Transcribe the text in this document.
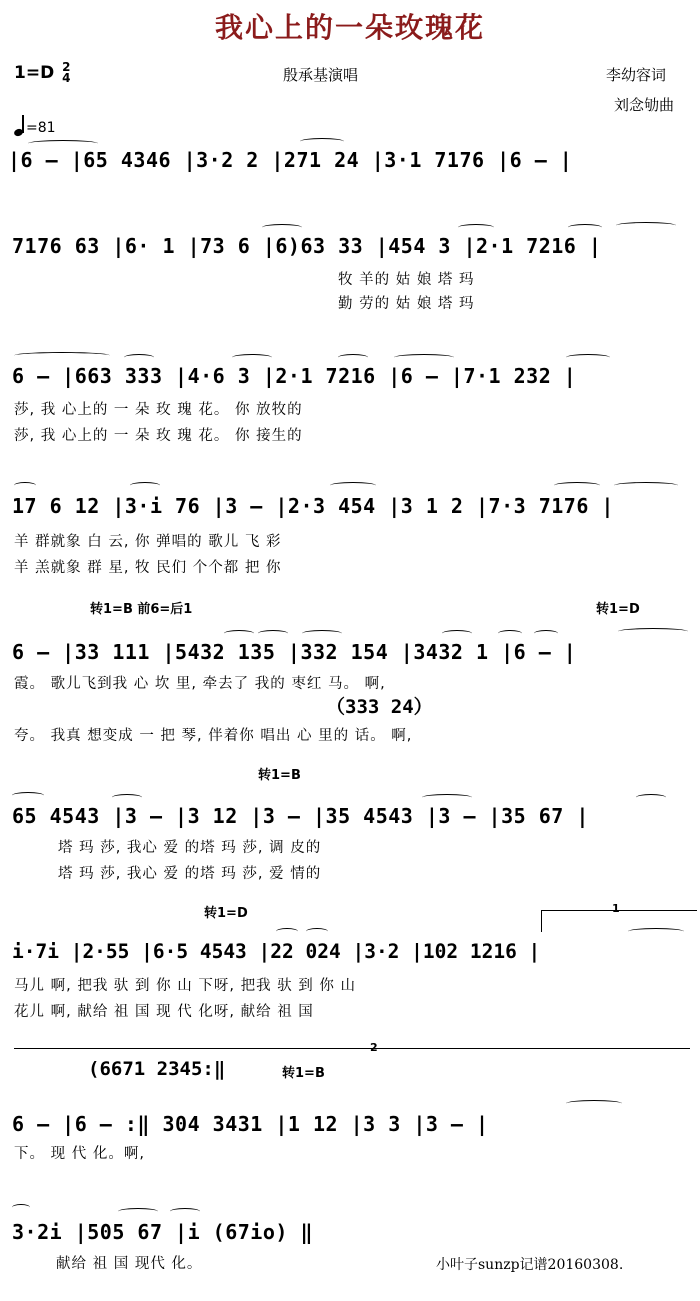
我心上的一朵玫瑰花
1=D 2
4	殷承基演唱	李幼容词
刘念劬曲
=81
|6 – |65 4346 |3·2 2 |271 24 |3·1 7176 |6 – |
7176 63 |6· 1 |73 6 |6)63 33 |454 3 |2·1 7216 |
牧 羊的 姑 娘 塔 玛
勤 劳的 姑 娘 塔 玛
6 – |663 333 |4·6 3 |2·1 7216 |6 – |7·1 232 |
莎, 我 心上的 一 朵 玫 瑰 花。 你 放牧的
莎, 我 心上的 一 朵 玫 瑰 花。 你 接生的
17 6 12 |3·i 76 |3 – |2·3 454 |3 1 2 |7·3 7176 |
羊 群就象 白 云, 你 弹唱的 歌儿 飞 彩
羊 羔就象 群 星, 牧 民们 个个都 把 你
转1=B 前6=后1	转1=D
6 – |33 111 |5432 135 |332 154 |3432 1 |6 – |
霞。 歌儿飞到我 心 坎 里, 牵去了 我的 枣红 马。 啊,
（333 24）
夸。 我真 想变成 一 把 琴, 伴着你 唱出 心 里的 话。 啊,
转1=B
65 4543 |3 – |3 12 |3 – |35 4543 |3 – |35 67 |
塔 玛 莎, 我心 爱 的塔 玛 莎, 调 皮的
塔 玛 莎, 我心 爱 的塔 玛 莎, 爱 情的
转1=D	1
i·7i |2·55 |6·5 4543 |22 024 |3·2 |102 1216 |
马儿 啊, 把我 驮 到 你 山 下呀, 把我 驮 到 你 山
花儿 啊, 献给 祖 国 现 代 化呀, 献给 祖 国
2
(6671 2345:‖	转1=B
6 – |6 – :‖ 304 3431 |1 12 |3 3 |3 – |
下。 现 代 化。啊,
3·2i |505 67 |i (67io) ‖
献给 祖 国 现代 化。	小叶子sunzp记谱20160308.
